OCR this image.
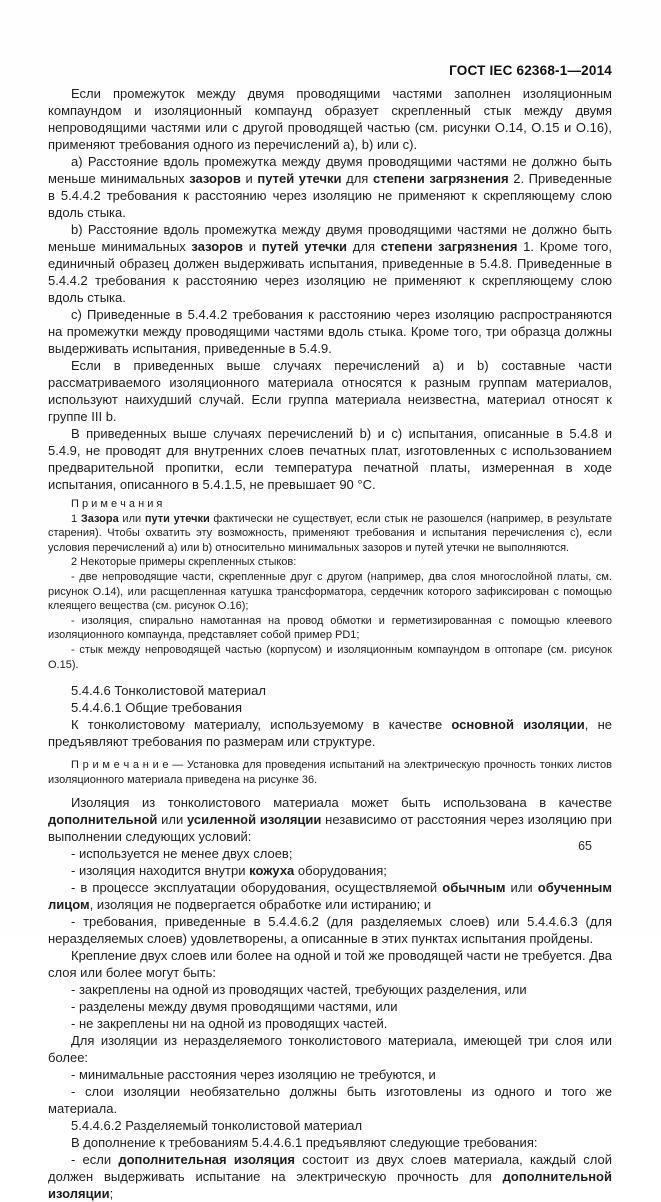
ГОСТ IEC 62368-1—2014

Если промежуток между двумя проводящими частями заполнен изоляционным компаундом и изоляционный компаунд образует скрепленный стык между двумя непроводящими частями или с другой проводящей частью (см. рисунки О.14, О.15 и О.16), применяют требования одного из перечислений а), b) или с).

а) Расстояние вдоль промежутка между двумя проводящими частями не должно быть меньше минимальных зазоров и путей утечки для степени загрязнения 2. Приведенные в 5.4.4.2 требования к расстоянию через изоляцию не применяют к скрепляющему слою вдоль стыка.

b) Расстояние вдоль промежутка между двумя проводящими частями не должно быть меньше минимальных зазоров и путей утечки для степени загрязнения 1. Кроме того, единичный образец должен выдерживать испытания, приведенные в 5.4.8. Приведенные в 5.4.4.2 требования к расстоянию через изоляцию не применяют к скрепляющему слою вдоль стыка.

с) Приведенные в 5.4.4.2 требования к расстоянию через изоляцию распространяются на промежутки между проводящими частями вдоль стыка. Кроме того, три образца должны выдерживать испытания, приведенные в 5.4.9.

Если в приведенных выше случаях перечислений а) и b) составные части рассматриваемого изоляционного материала относятся к разным группам материалов, используют наихудший случай. Если группа материала неизвестна, материал относят к группе III b.

В приведенных выше случаях перечислений b) и с) испытания, описанные в 5.4.8 и 5.4.9, не проводят для внутренних слоев печатных плат, изготовленных с использованием предварительной пропитки, если температура печатной платы, измеренная в ходе испытания, описанного в 5.4.1.5, не превышает 90 °С.

П р и м е ч а н и я

1 Зазора или пути утечки фактически не существует, если стык не разошелся (например, в результате старения). Чтобы охватить эту возможность, применяют требования и испытания перечисления с), если условия перечислений а) или b) относительно минимальных зазоров и путей утечки не выполняются.

2 Некоторые примеры скрепленных стыков:

- две непроводящие части, скрепленные друг с другом (например, два слоя многослойной платы, см. рисунок О.14), или расщепленная катушка трансформатора, сердечник которого зафиксирован с помощью клеящего вещества (см. рисунок О.16);

- изоляция, спирально намотанная на провод обмотки и герметизированная с помощью клеевого изоляционного компаунда, представляет собой пример PD1;

- стык между непроводящей частью (корпусом) и изоляционным компаундом в оптопаре (см. рисунок О.15).

5.4.4.6 Тонколистовой материал

5.4.4.6.1 Общие требования

К тонколистовому материалу, используемому в качестве основной изоляции, не предъявляют требования по размерам или структуре.

П р и м е ч а н и е — Установка для проведения испытаний на электрическую прочность тонких листов изоляционного материала приведена на рисунке 36.

Изоляция из тонколистового материала может быть использована в качестве дополнительной или усиленной изоляции независимо от расстояния через изоляцию при выполнении следующих условий:

- используется не менее двух слоев;

- изоляция находится внутри кожуха оборудования;

- в процессе эксплуатации оборудования, осуществляемой обычным или обученным лицом, изоляция не подвергается обработке или истиранию; и

- требования, приведенные в 5.4.4.6.2 (для разделяемых слоев) или 5.4.4.6.3 (для неразделяемых слоев) удовлетворены, а описанные в этих пунктах испытания пройдены.

Крепление двух слоев или более на одной и той же проводящей части не требуется. Два слоя или более могут быть:

- закреплены на одной из проводящих частей, требующих разделения, или

- разделены между двумя проводящими частями, или

- не закреплены ни на одной из проводящих частей.

Для изоляции из неразделяемого тонколистового материала, имеющей три слоя или более:

- минимальные расстояния через изоляцию не требуются, и

- слои изоляции необязательно должны быть изготовлены из одного и того же материала.

5.4.4.6.2 Разделяемый тонколистовой материал

В дополнение к требованиям 5.4.4.6.1 предъявляют следующие требования:

- если дополнительная изоляция состоит из двух слоев материала, каждый слой должен выдерживать испытание на электрическую прочность для дополнительной изоляции;

65
